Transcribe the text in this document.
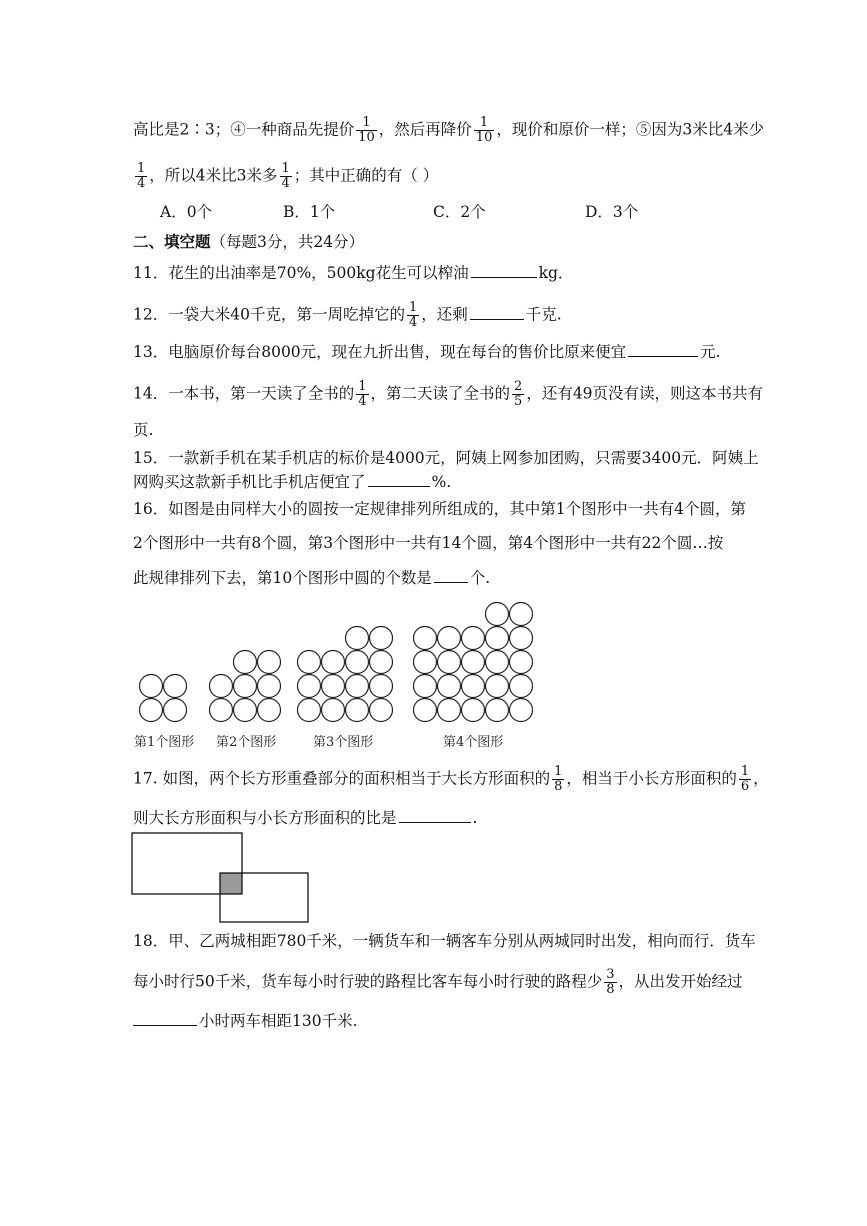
高比是2∶3；④一种商品先提价 $\frac{1}{10}$ ，然后再降价 $\frac{1}{10}$ ，现价和原价一样；⑤因为3米比4米少
$\frac{1}{4}$ ，所以4米比3米多 $\frac{1}{4}$ ；其中正确的有（ ）
A．0个	B．1个	C．2个	D．3个
二、填空题（每题3分，共24分）
11．花生的出油率是70%，500kg花生可以榨油	kg．
12．一袋大米40千克，第一周吃掉它的 $\frac{1}{4}$ ，还剩	千克.
13．电脑原价每台8000元，现在九折出售，现在每台的售价比原来便宜	元.
14．一本书，第一天读了全书的 $\frac{1}{4}$ ，第二天读了全书的 $\frac{2}{5}$ ，还有49页没有读，则这本书共有
页.
15．一款新手机在某手机店的标价是4000元，阿姨上网参加团购，只需要3400元．阿姨上
网购买这款新手机比手机店便宜了	%.
16．如图是由同样大小的圆按一定规律排列所组成的，其中第1个图形中一共有4个圆，第
2个图形中一共有8个圆，第3个图形中一共有14个圆，第4个图形中一共有22个圆…按
此规律排列下去，第10个图形中圆的个数是 个.
第1个图形 第2个图形	第3个图形	第4个图形
17. 如图，两个长方形重叠部分的面积相当于大长方形面积的 $\frac{1}{8}$ ，相当于小长方形面积的 $\frac{1}{6}$ ，
则大长方形面积与小长方形面积的比是	.
18．甲、乙两城相距780千米，一辆货车和一辆客车分别从两城同时出发，相向而行．货车
每小时行50千米，货车每小时行驶的路程比客车每小时行驶的路程少 $\frac{3}{8}$ ，从出发开始经过
小时两车相距130千米.
